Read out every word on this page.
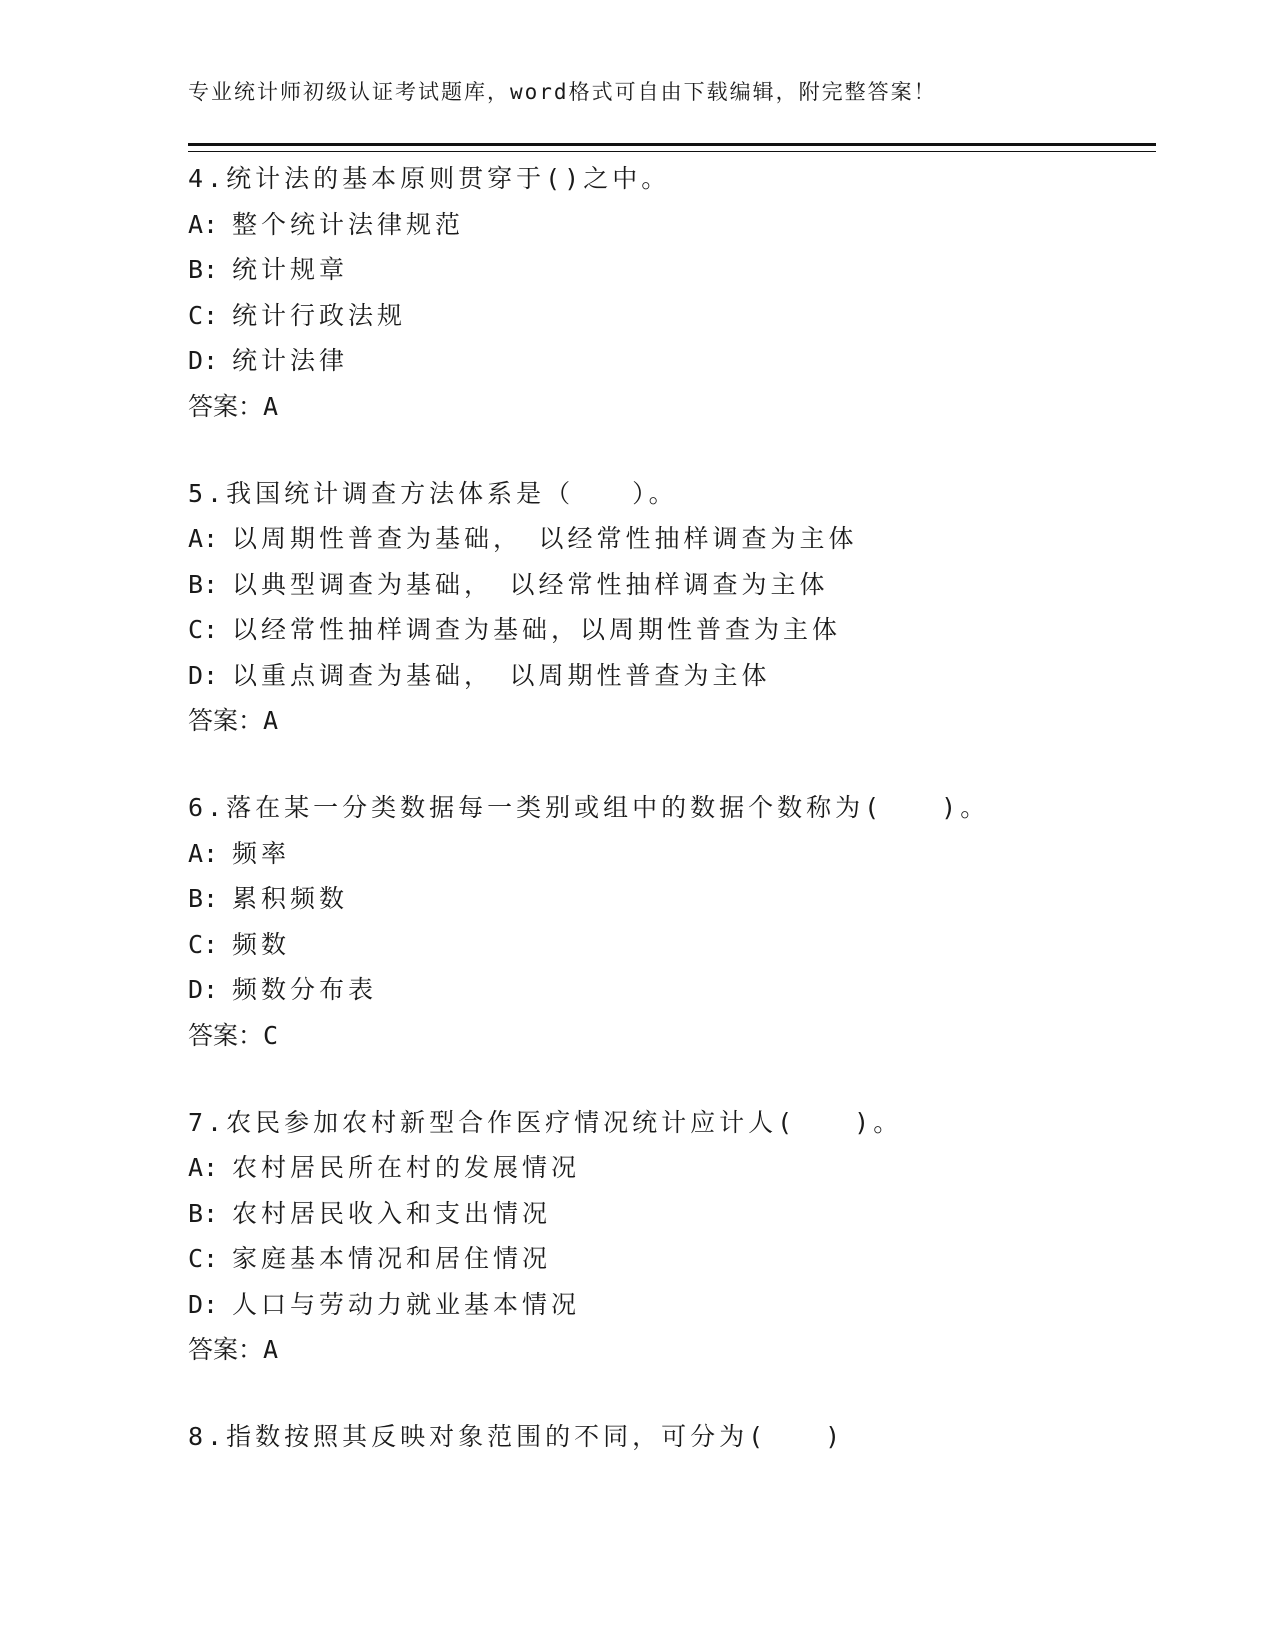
专业统计师初级认证考试题库，word格式可自由下载编辑，附完整答案！
4.统计法的基本原则贯穿于()之中。
A: 整个统计法律规范
B: 统计规章
C: 统计行政法规
D: 统计法律
答案：A
5.我国统计调查方法体系是（　　）。
A: 以周期性普查为基础，　以经常性抽样调查为主体
B: 以典型调查为基础，　以经常性抽样调查为主体
C: 以经常性抽样调查为基础，以周期性普查为主体
D: 以重点调查为基础，　以周期性普查为主体
答案：A
6.落在某一分类数据每一类别或组中的数据个数称为(　　)。
A: 频率
B: 累积频数
C: 频数
D: 频数分布表
答案：C
7.农民参加农村新型合作医疗情况统计应计人(　　)。
A: 农村居民所在村的发展情况
B: 农村居民收入和支出情况
C: 家庭基本情况和居住情况
D: 人口与劳动力就业基本情况
答案：A
8.指数按照其反映对象范围的不同，可分为(　　)
